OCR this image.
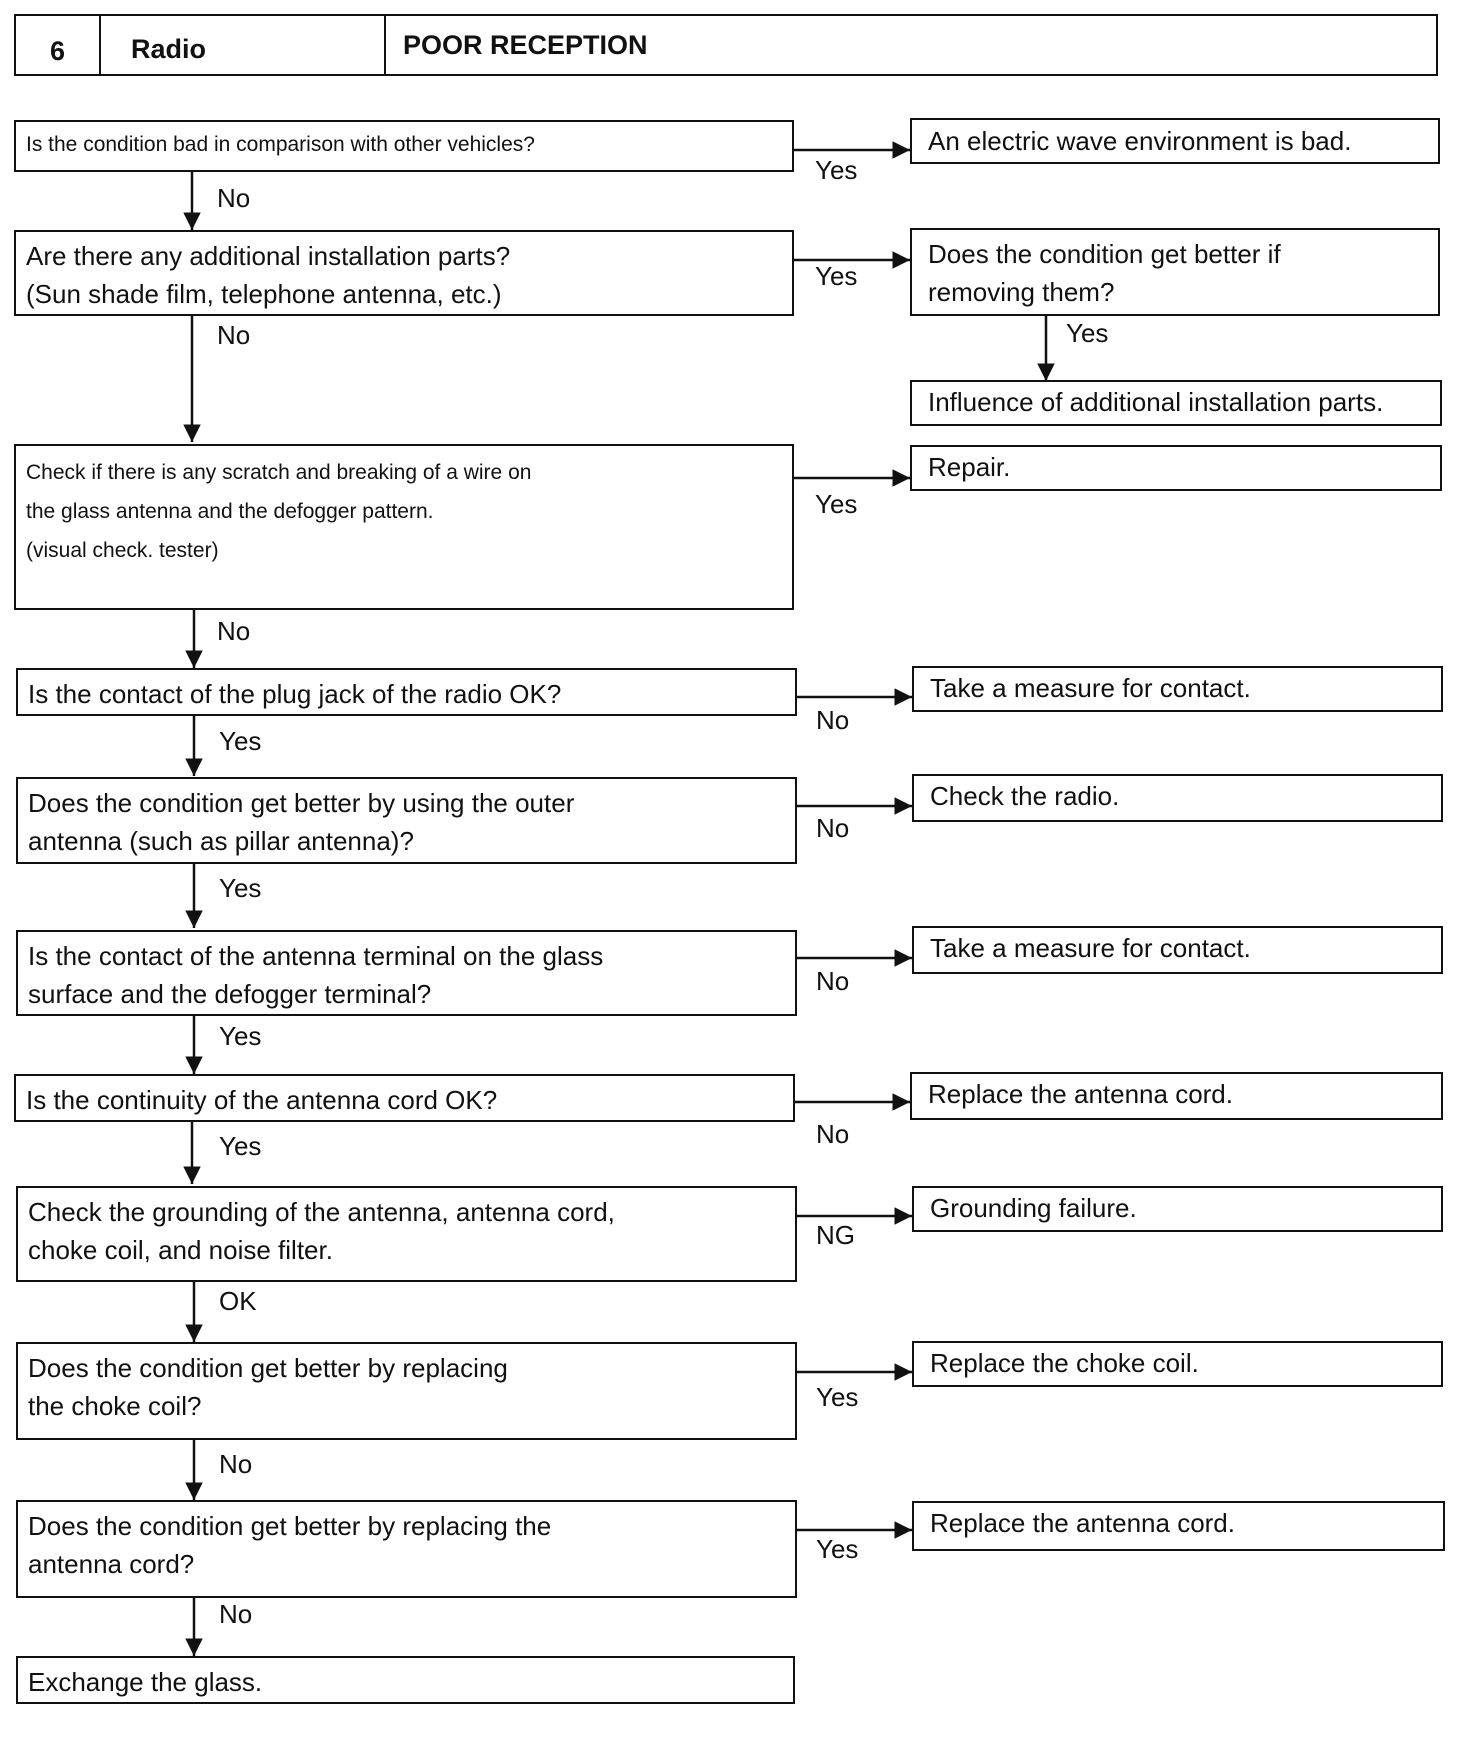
6	Radio	POOR RECEPTION
Is the condition bad in comparison with other vehicles?
Are there any additional installation parts?
(Sun shade film, telephone antenna, etc.)
Check if there is any scratch and breaking of a wire on
the glass antenna and the defogger pattern.
(visual check. tester)
Is the contact of the plug jack of the radio OK?
Does the condition get better by using the outer
antenna (such as pillar antenna)?
Is the contact of the antenna terminal on the glass
surface and the defogger terminal?
Is the continuity of the antenna cord OK?
Check the grounding of the antenna, antenna cord,
choke coil, and noise filter.
Does the condition get better by replacing
the choke coil?
Does the condition get better by replacing the
antenna cord?
Exchange the glass.
No
No
No
Yes
Yes
Yes
Yes
OK
No
No
Yes
Yes
Yes
No
No
No
No
NG
Yes
Yes
An electric wave environment is bad.
Does the condition get better if
removing them?
Influence of additional installation parts.
Yes
Repair.
Take a measure for contact.
Check the radio.
Take a measure for contact.
Replace the antenna cord.
Grounding failure.
Replace the choke coil.
Replace the antenna cord.
